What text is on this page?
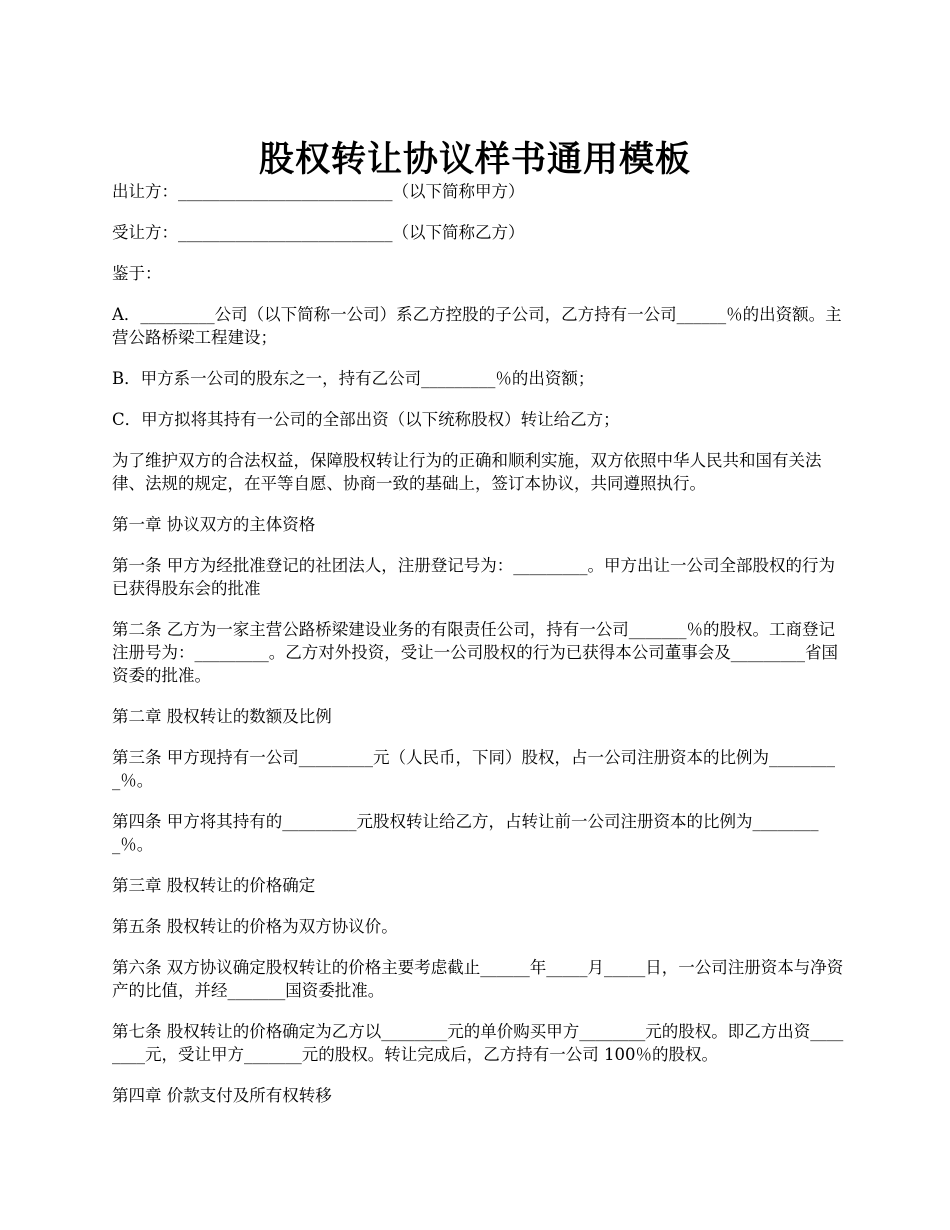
股权转让协议样书通用模板

出让方：__________________________（以下简称甲方）

受让方：__________________________（以下简称乙方）

鉴于：

A．_________公司（以下简称一公司）系乙方控股的子公司，乙方持有一公司______％的出资额。主营公路桥梁工程建设；

B．甲方系一公司的股东之一，持有乙公司_________％的出资额；

C．甲方拟将其持有一公司的全部出资（以下统称股权）转让给乙方；

为了维护双方的合法权益，保障股权转让行为的正确和顺利实施，双方依照中华人民共和国有关法律、法规的规定，在平等自愿、协商一致的基础上，签订本协议，共同遵照执行。

第一章 协议双方的主体资格

第一条 甲方为经批准登记的社团法人，注册登记号为：_________。甲方出让一公司全部股权的行为已获得股东会的批准

第二条 乙方为一家主营公路桥梁建设业务的有限责任公司，持有一公司_______％的股权。工商登记注册号为：_________。乙方对外投资，受让一公司股权的行为已获得本公司董事会及_________省国资委的批准。

第二章 股权转让的数额及比例

第三条 甲方现持有一公司_________元（人民币，下同）股权，占一公司注册资本的比例为_________％。

第四条 甲方将其持有的_________元股权转让给乙方，占转让前一公司注册资本的比例为_________％。

第三章 股权转让的价格确定

第五条 股权转让的价格为双方协议价。

第六条 双方协议确定股权转让的价格主要考虑截止______年_____月_____日，一公司注册资本与净资产的比值，并经_______国资委批准。

第七条 股权转让的价格确定为乙方以________元的单价购买甲方________元的股权。即乙方出资________元，受让甲方_______元的股权。转让完成后，乙方持有一公司 100％的股权。

第四章 价款支付及所有权转移
